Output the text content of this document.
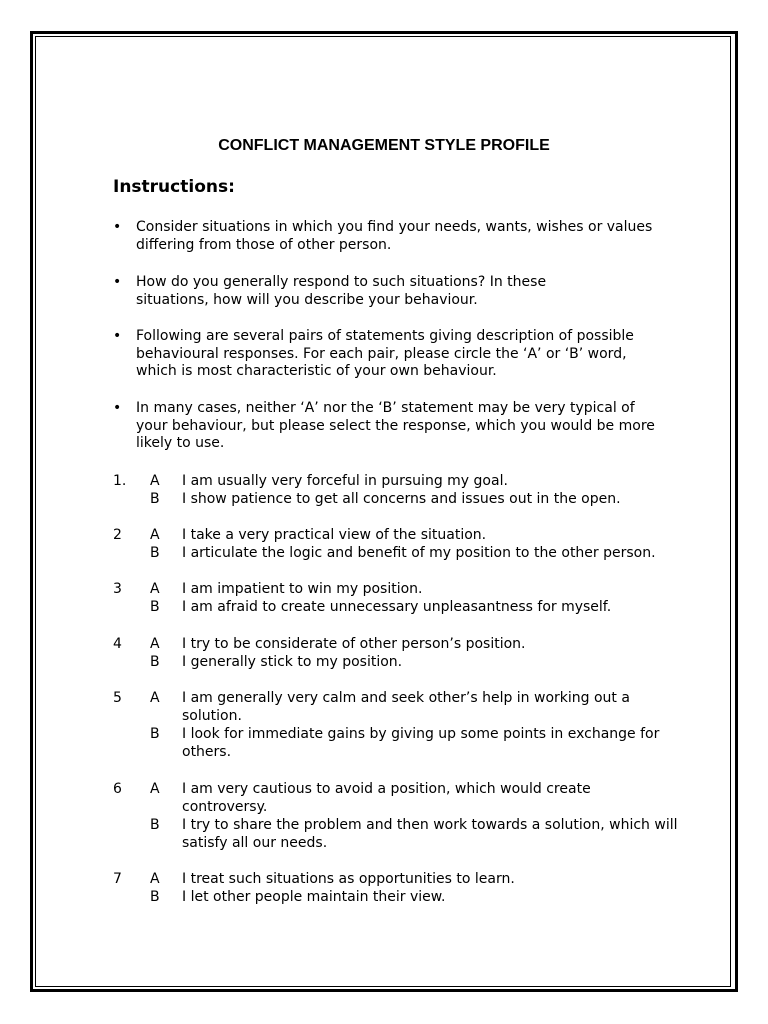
CONFLICT MANAGEMENT STYLE PROFILE
Instructions:
• Consider situations in which you find your needs, wants, wishes or values differing from those of other person.
• How do you generally respond to such situations? In these situations, how will you describe your behaviour.
• Following are several pairs of statements giving description of possible behavioural responses. For each pair, please circle the ‘A’ or ‘B’ word, which is most characteristic of your own behaviour.
• In many cases, neither ‘A’ nor the ‘B’ statement may be very typical of your behaviour, but please select the response, which you would be more likely to use.
1. A I am usually very forceful in pursuing my goal.
B I show patience to get all concerns and issues out in the open.
2 A I take a very practical view of the situation.
B I articulate the logic and benefit of my position to the other person.
3 A I am impatient to win my position.
B I am afraid to create unnecessary unpleasantness for myself.
4 A I try to be considerate of other person’s position.
B I generally stick to my position.
5 A I am generally very calm and seek other’s help in working out a solution.
B I look for immediate gains by giving up some points in exchange for others.
6 A I am very cautious to avoid a position, which would create controversy.
B I try to share the problem and then work towards a solution, which will satisfy all our needs.
7 A I treat such situations as opportunities to learn.
B I let other people maintain their view.
